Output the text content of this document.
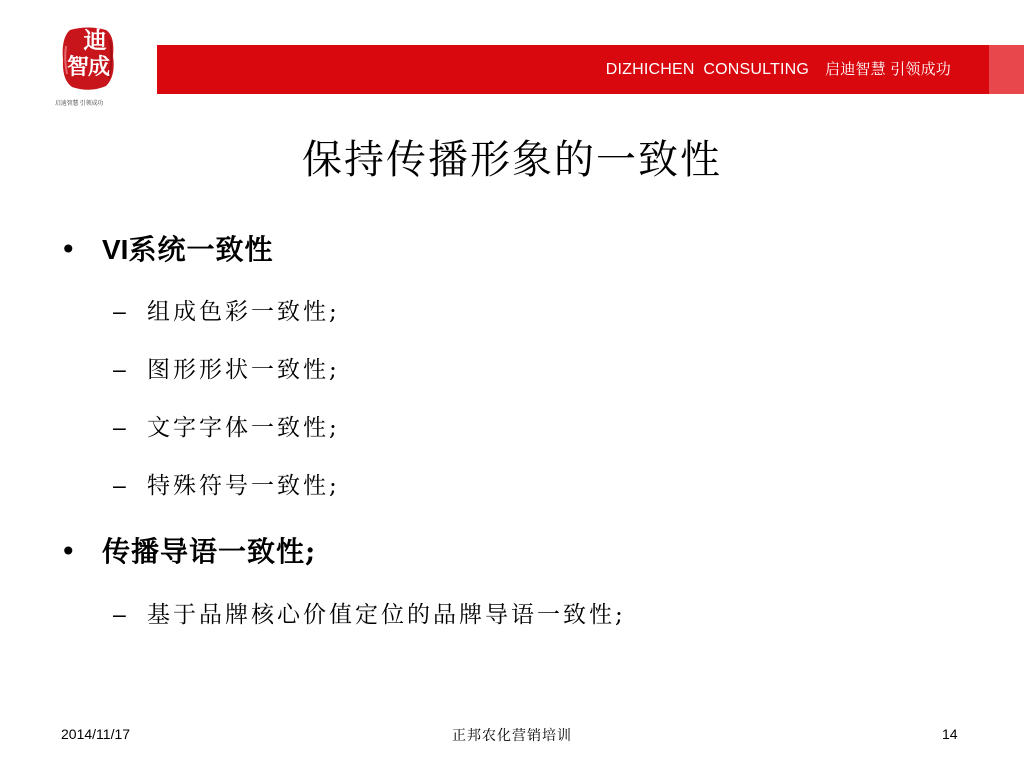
迪
智成
启迪智慧 引领成功
DIZHICHEN CONSULTING 启迪智慧 引领成功
保持传播形象的一致性
• VI系统一致性
– 组成色彩一致性;
– 图形形状一致性;
– 文字字体一致性;
– 特殊符号一致性;
• 传播导语一致性;
– 基于品牌核心价值定位的品牌导语一致性;
2014/11/17	正邦农化营销培训	14
